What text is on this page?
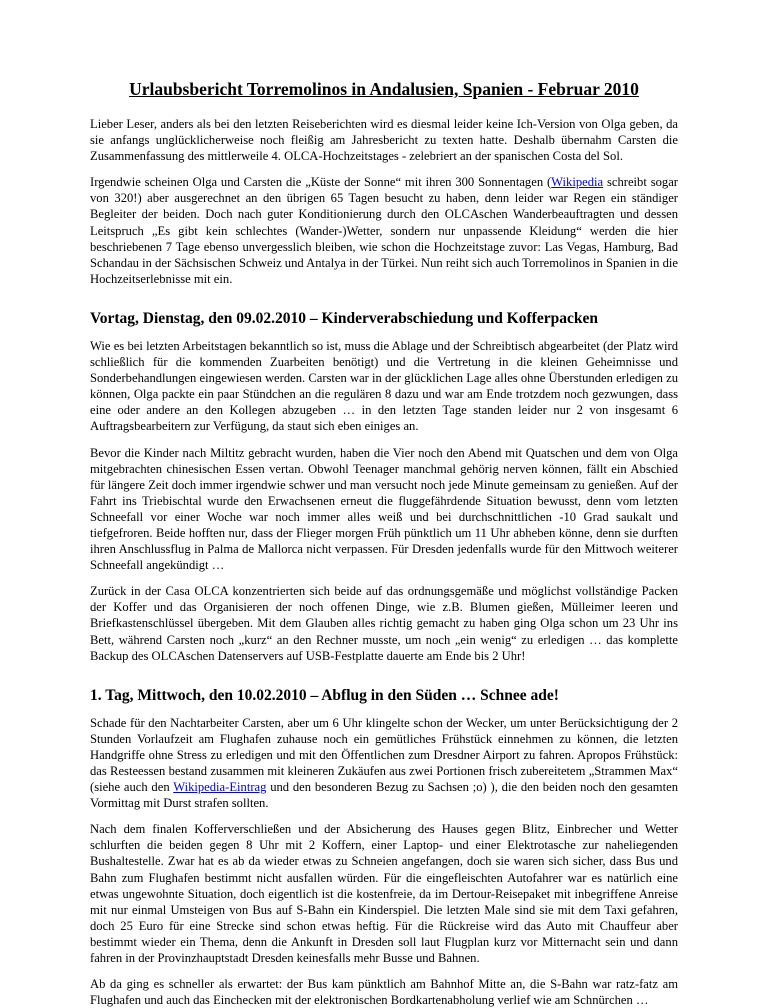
Urlaubsbericht Torremolinos in Andalusien, Spanien - Februar 2010

Lieber Leser, anders als bei den letzten Reiseberichten wird es diesmal leider keine Ich-Version von Olga geben, da sie anfangs unglücklicherweise noch fleißig am Jahresbericht zu texten hatte. Deshalb übernahm Carsten die Zusammenfassung des mittlerweile 4. OLCA-Hochzeitstages - zelebriert an der spanischen Costa del Sol.

Irgendwie scheinen Olga und Carsten die „Küste der Sonne“ mit ihren 300 Sonnentagen (Wikipedia schreibt sogar von 320!) aber ausgerechnet an den übrigen 65 Tagen besucht zu haben, denn leider war Regen ein ständiger Begleiter der beiden. Doch nach guter Konditionierung durch den OLCAschen Wanderbeauftragten und dessen Leitspruch „Es gibt kein schlechtes (Wander-)Wetter, sondern nur unpassende Kleidung“ werden die hier beschriebenen 7 Tage ebenso unvergesslich bleiben, wie schon die Hochzeitstage zuvor: Las Vegas, Hamburg, Bad Schandau in der Sächsischen Schweiz und Antalya in der Türkei. Nun reiht sich auch Torremolinos in Spanien in die Hochzeitserlebnisse mit ein.

Vortag, Dienstag, den 09.02.2010 – Kinderverabschiedung und Kofferpacken

Wie es bei letzten Arbeitstagen bekanntlich so ist, muss die Ablage und der Schreibtisch abgearbeitet (der Platz wird schließlich für die kommenden Zuarbeiten benötigt) und die Vertretung in die kleinen Geheimnisse und Sonderbehandlungen eingewiesen werden. Carsten war in der glücklichen Lage alles ohne Überstunden erledigen zu können, Olga packte ein paar Stündchen an die regulären 8 dazu und war am Ende trotzdem noch gezwungen, dass eine oder andere an den Kollegen abzugeben … in den letzten Tage standen leider nur 2 von insgesamt 6 Auftragsbearbeitern zur Verfügung, da staut sich eben einiges an.

Bevor die Kinder nach Miltitz gebracht wurden, haben die Vier noch den Abend mit Quatschen und dem von Olga mitgebrachten chinesischen Essen vertan. Obwohl Teenager manchmal gehörig nerven können, fällt ein Abschied für längere Zeit doch immer irgendwie schwer und man versucht noch jede Minute gemeinsam zu genießen. Auf der Fahrt ins Triebischtal wurde den Erwachsenen erneut die fluggefährdende Situation bewusst, denn vom letzten Schneefall vor einer Woche war noch immer alles weiß und bei durchschnittlichen -10 Grad saukalt und tiefgefroren. Beide hofften nur, dass der Flieger morgen Früh pünktlich um 11 Uhr abheben könne, denn sie durften ihren Anschlussflug in Palma de Mallorca nicht verpassen. Für Dresden jedenfalls wurde für den Mittwoch weiterer Schneefall angekündigt …

Zurück in der Casa OLCA konzentrierten sich beide auf das ordnungsgemäße und möglichst vollständige Packen der Koffer und das Organisieren der noch offenen Dinge, wie z.B. Blumen gießen, Mülleimer leeren und Briefkastenschlüssel übergeben. Mit dem Glauben alles richtig gemacht zu haben ging Olga schon um 23 Uhr ins Bett, während Carsten noch „kurz“ an den Rechner musste, um noch „ein wenig“ zu erledigen … das komplette Backup des OLCAschen Datenservers auf USB-Festplatte dauerte am Ende bis 2 Uhr!

1. Tag, Mittwoch, den 10.02.2010 – Abflug in den Süden … Schnee ade!

Schade für den Nachtarbeiter Carsten, aber um 6 Uhr klingelte schon der Wecker, um unter Berücksichtigung der 2 Stunden Vorlaufzeit am Flughafen zuhause noch ein gemütliches Frühstück einnehmen zu können, die letzten Handgriffe ohne Stress zu erledigen und mit den Öffentlichen zum Dresdner Airport zu fahren. Apropos Frühstück: das Resteessen bestand zusammen mit kleineren Zukäufen aus zwei Portionen frisch zubereitetem „Strammen Max“ (siehe auch den Wikipedia-Eintrag und den besonderen Bezug zu Sachsen ;o) ), die den beiden noch den gesamten Vormittag mit Durst strafen sollten.

Nach dem finalen Kofferverschließen und der Absicherung des Hauses gegen Blitz, Einbrecher und Wetter schlurften die beiden gegen 8 Uhr mit 2 Koffern, einer Laptop- und einer Elektrotasche zur naheliegenden Bushaltestelle. Zwar hat es ab da wieder etwas zu Schneien angefangen, doch sie waren sich sicher, dass Bus und Bahn zum Flughafen bestimmt nicht ausfallen würden. Für die eingefleischten Autofahrer war es natürlich eine etwas ungewohnte Situation, doch eigentlich ist die kostenfreie, da im Dertour-Reisepaket mit inbegriffene Anreise mit nur einmal Umsteigen von Bus auf S-Bahn ein Kinderspiel. Die letzten Male sind sie mit dem Taxi gefahren, doch 25 Euro für eine Strecke sind schon etwas heftig. Für die Rückreise wird das Auto mit Chauffeur aber bestimmt wieder ein Thema, denn die Ankunft in Dresden soll laut Flugplan kurz vor Mitternacht sein und dann fahren in der Provinzhauptstadt Dresden keinesfalls mehr Busse und Bahnen.

Ab da ging es schneller als erwartet: der Bus kam pünktlich am Bahnhof Mitte an, die S-Bahn war ratz-fatz am Flughafen und auch das Einchecken mit der elektronischen Bordkartenabholung verlief wie am Schnürchen …
